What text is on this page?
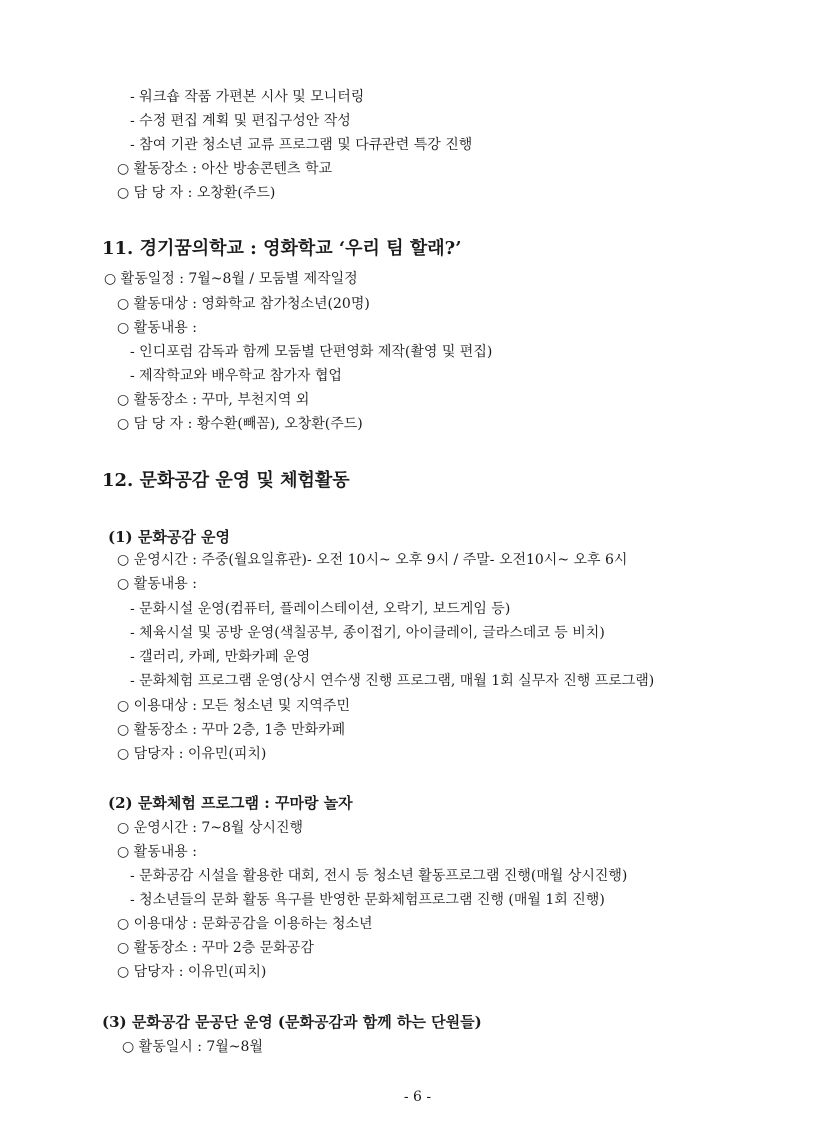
- 워크숍 작품 가편본 시사 및 모니터링
- 수정 편집 계획 및 편집구성안 작성
- 참여 기관 청소년 교류 프로그램 및 다큐관련 특강 진행
○ 활동장소 : 아산 방송콘텐츠 학교
○ 담 당 자 : 오창환(주드)
11. 경기꿈의학교 : 영화학교 ‘우리 팀 할래?’
○ 활동일정 : 7월~8월 / 모둠별 제작일정
○ 활동대상 : 영화학교 참가청소년(20명)
○ 활동내용 :
- 인디포럼 감독과 함께 모둠별 단편영화 제작(촬영 및 편집)
- 제작학교와 배우학교 참가자 협업
○ 활동장소 : 꾸마, 부천지역 외
○ 담 당 자 : 황수환(빼꼼), 오창환(주드)
12. 문화공감 운영 및 체험활동
(1) 문화공감 운영
○ 운영시간 : 주중(월요일휴관)- 오전 10시~ 오후 9시 / 주말- 오전10시~ 오후 6시
○ 활동내용 :
- 문화시설 운영(컴퓨터, 플레이스테이션, 오락기, 보드게임 등)
- 체육시설 및 공방 운영(색칠공부, 종이접기, 아이클레이, 글라스데코 등 비치)
- 갤러리, 카페, 만화카페 운영
- 문화체험 프로그램 운영(상시 연수생 진행 프로그램, 매월 1회 실무자 진행 프로그램)
○ 이용대상 : 모든 청소년 및 지역주민
○ 활동장소 : 꾸마 2층, 1층 만화카페
○ 담당자 : 이유민(피치)
(2) 문화체험 프로그램 : 꾸마랑 놀자
○ 운영시간 : 7~8월 상시진행
○ 활동내용 :
- 문화공감 시설을 활용한 대회, 전시 등 청소년 활동프로그램 진행(매월 상시진행)
- 청소년들의 문화 활동 욕구를 반영한 문화체험프로그램 진행 (매월 1회 진행)
○ 이용대상 : 문화공감을 이용하는 청소년
○ 활동장소 : 꾸마 2층 문화공감
○ 담당자 : 이유민(피치)
(3) 문화공감 문공단 운영 (문화공감과 함께 하는 단원들)
○ 활동일시 : 7월~8월
- 6 -
